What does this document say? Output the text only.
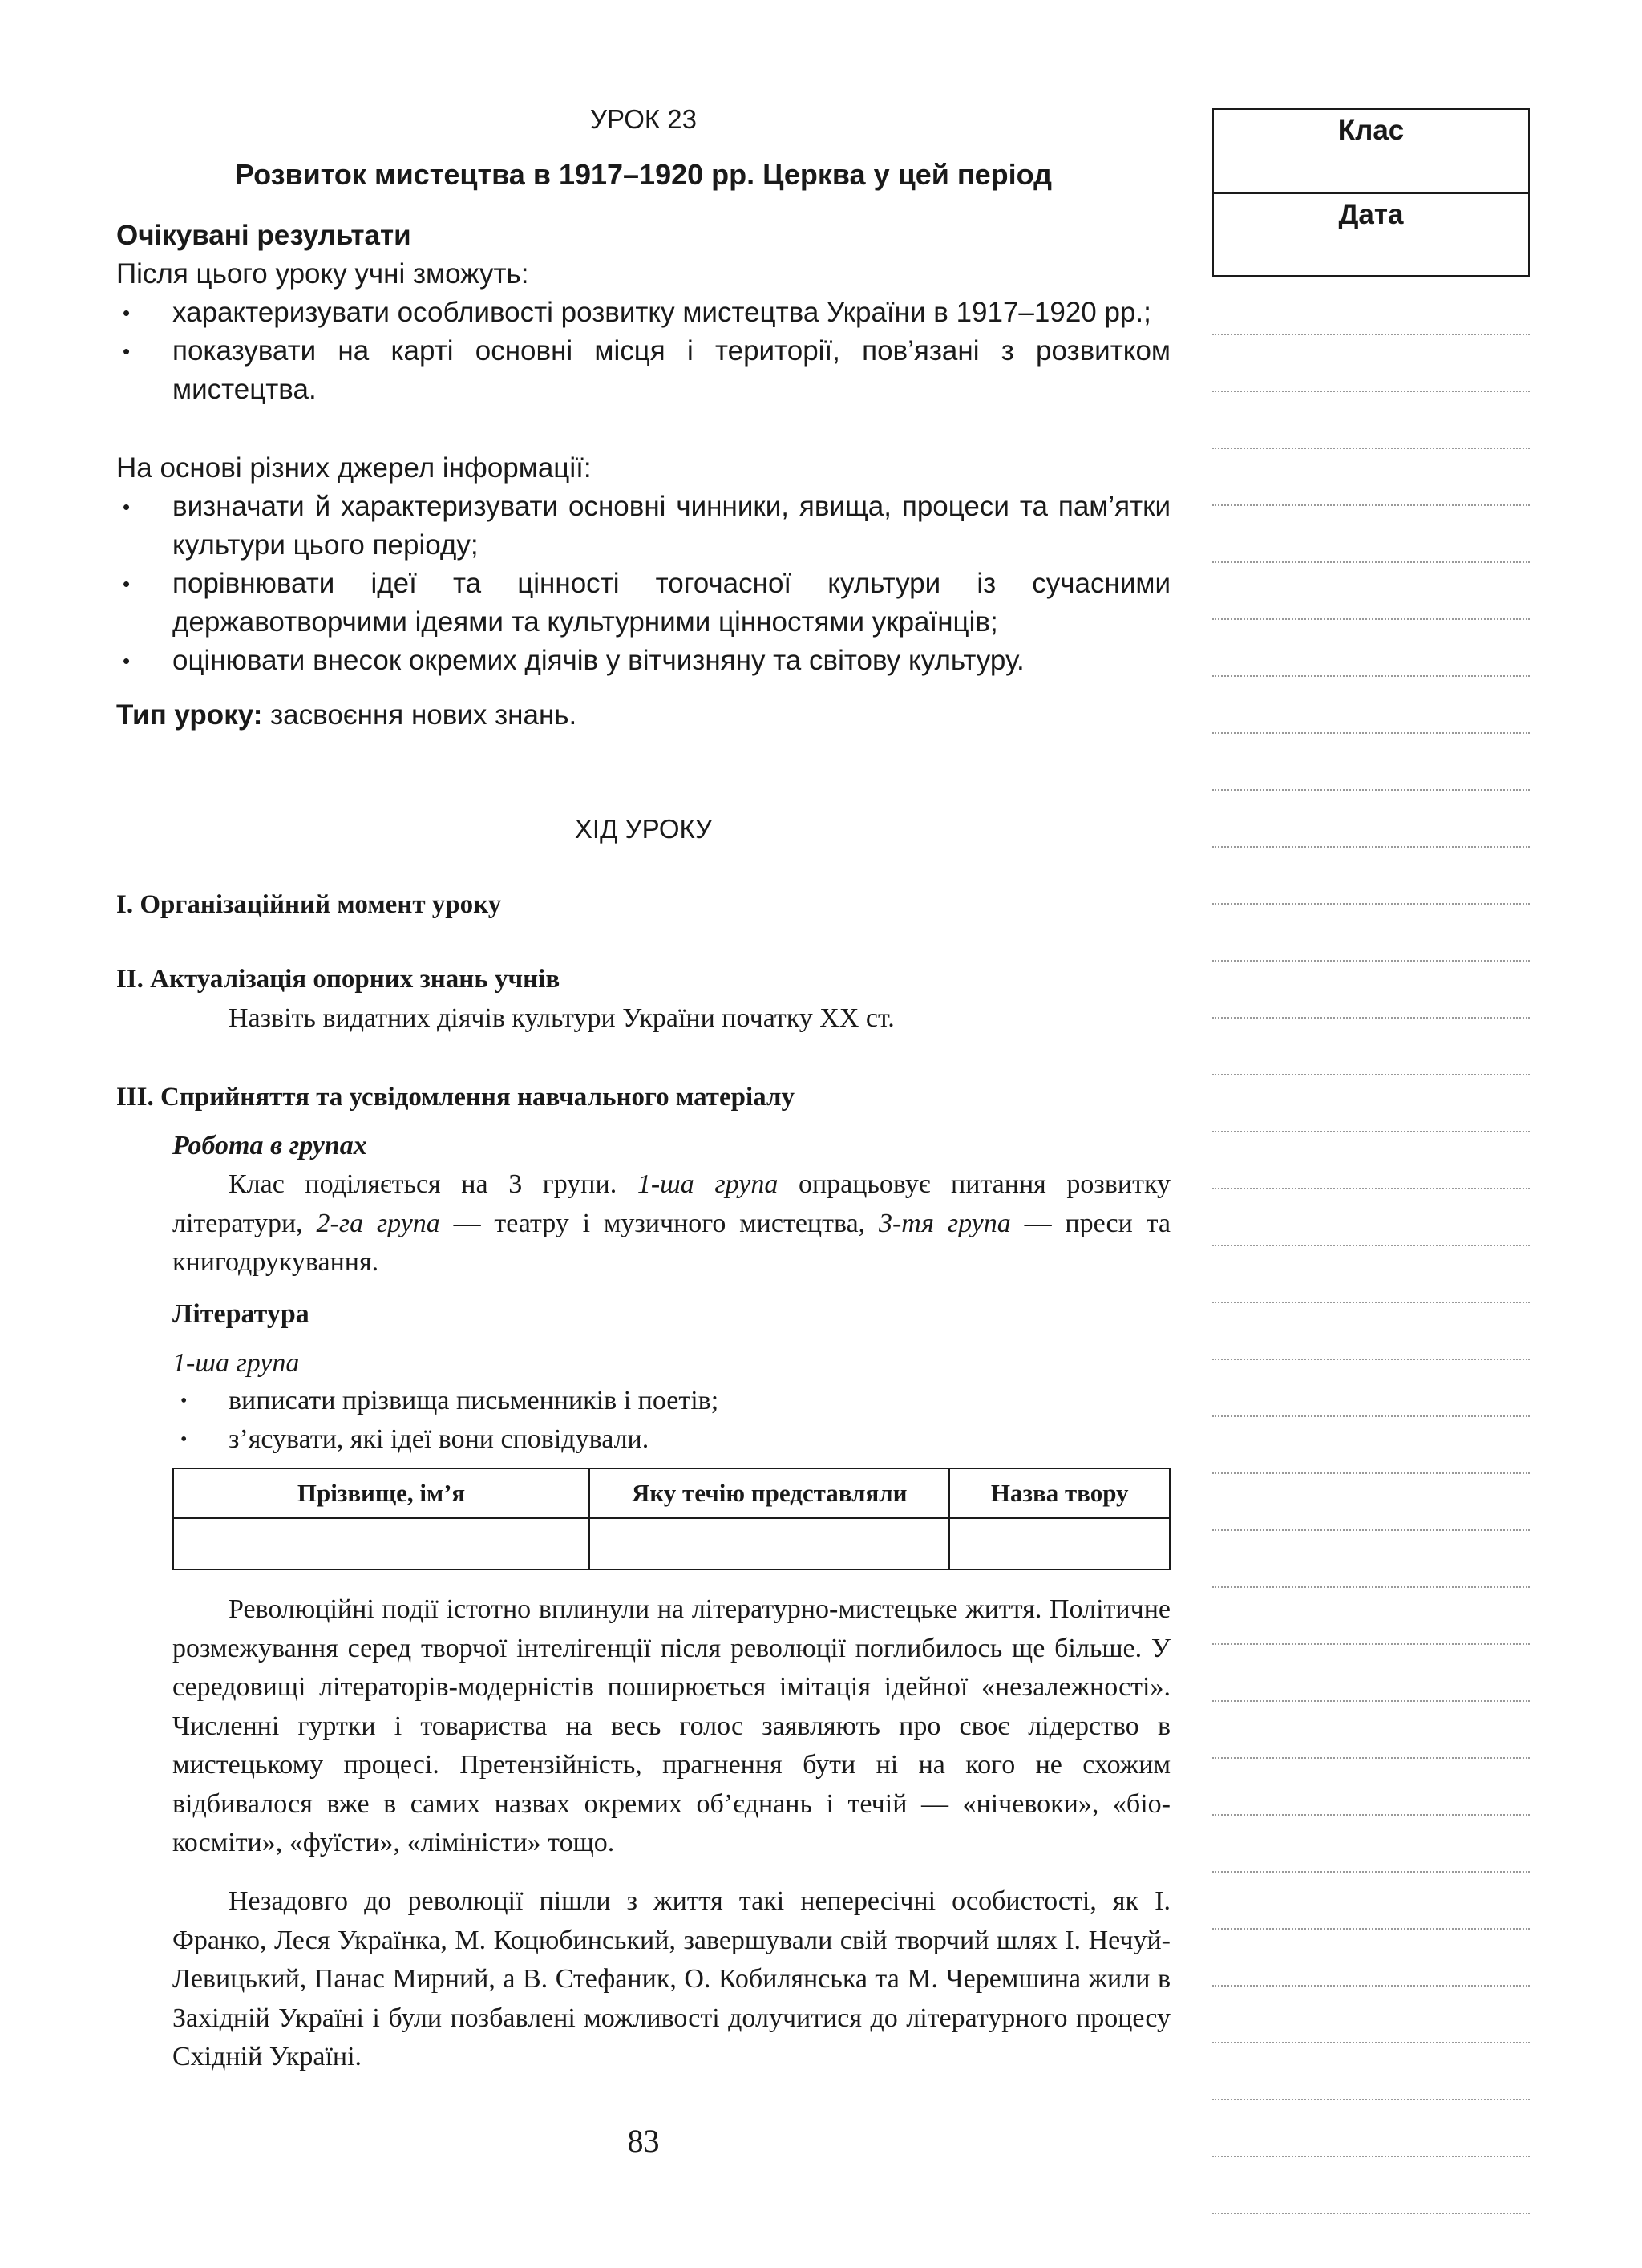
УРОК 23
Розвиток мистецтва в 1917–1920 рр. Церква у цей період
Очікувані результати
Після цього уроку учні зможуть:
• характеризувати особливості розвитку мистецтва України в 1917–1920 рр.;
• показувати на карті основні місця і території, пов’язані з розвитком мистецтва.
На основі різних джерел інформації:
• визначати й характеризувати основні чинники, явища, процеси та пам’ятки культури цього періоду;
• порівнювати ідеї та цінності тогочасної культури із сучасними державотворчими ідеями та культурними цінностями українців;
• оцінювати внесок окремих діячів у вітчизняну та світову культуру.
Тип уроку: засвоєння нових знань.
ХІД УРОКУ
І. Організаційний момент уроку
ІІ. Актуалізація опорних знань учнів
Назвіть видатних діячів культури України початку ХХ ст.
ІІІ. Сприйняття та усвідомлення навчального матеріалу
Робота в групах

Клас поділяється на 3 групи. 1-ша група опрацьовує питання розвитку літератури, 2-га група — театру і музичного мистецтва, 3-тя група — преси та книгодрукування.

Література
1-ша група
• виписати прізвища письменників і поетів;
• з’ясувати, які ідеї вони сповідували.
Прізвище, ім’я	Яку течію представляли	Назва твору

Революційні події істотно вплинули на літературно-мистецьке життя. Політичне розмежування серед творчої інтелігенції після революції поглибилось ще більше. У середовищі літераторів-модерністів поширюється імітація ідейної «незалежності». Численні гуртки і товариства на весь голос заявляють про своє лідерство в мистецькому процесі. Претензійність, прагнення бути ні на кого не схожим відбивалося вже в самих назвах окремих об’єднань і течій — «нічевоки», «біо-косміти», «фуїсти», «лімiністи» тощо.

Незадовго до революції пішли з життя такі непересічні особистості, як І. Франко, Леся Українка, М. Коцюбинський, завершували свій творчий шлях І. Нечуй-Левицький, Панас Мирний, а В. Стефаник, О. Кобилянська та М. Черемшина жили в Західній Україні і були позбавлені можливості долучитися до літературного процесу Східній Україні.

83
Клас
Дата
